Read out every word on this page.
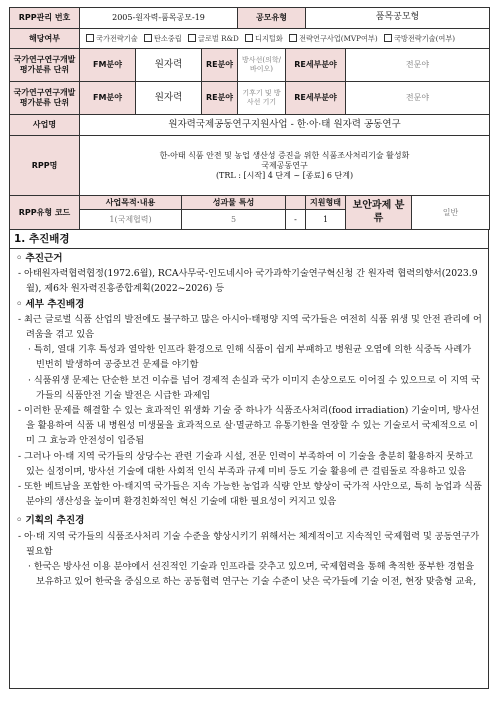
RPP관리 번호	2005-원자력-품목공모-19				공모유형		품목공모형		
해당여부	국가전략기술 탄소중립 글로벌 R&D 디지털화 전략연구사업(MVP여부) 국방전략기술(여부)								
국가연구연구개발 평가분류 단위	FM분야	원자력		RE분야	방사선(의학/바이오)	RE세부분야		전문야	
국가연구연구개발 평가분류 단위	FM분야	원자력		RE분야	기후기 및 방사선 기기	RE세부분야		전문야	
사업명	원자력국제공동연구지원사업 - 한·아·태 원자력 공동연구								
RPP명	한-아태 식품 안전 및 농업 생산성 증진을 위한 식품조사처리기술 활성화
국제공동연구
(TRL : [시작] 4 단계 ~ [종료] 6 단계)								

RPP유형 코드	사업목적·내용		성과물 특성				지원형태	보안과제 분류	일반
	1(국제협력)		5			-	1		
1. 추진배경

◦ 추진근거

- 아태원자력협력협정(1972.6월), RCA사무국-인도네시아 국가과학기술연구혁신청 간 원자력 협력의향서(2023.9월), 제6차 원자력진흥종합계획(2022~2026) 등

◦ 세부 추진배경

- 최근 글로벌 식품 산업의 발전에도 불구하고 많은 아시아·태평양 지역 국가들은 여전히 식품 위생 및 안전 관리에 어려움을 겪고 있음

· 특히, 열대 기후 특성과 열악한 인프라 환경으로 인해 식품이 쉽게 부패하고 병원균 오염에 의한 식중독 사례가 빈번히 발생하여 공중보건 문제를 야기함

· 식품위생 문제는 단순한 보건 이슈를 넘어 경제적 손실과 국가 이미지 손상으로도 이어질 수 있으므로 이 지역 국가들의 식품안전 기술 발전은 시급한 과제임

- 이러한 문제를 해결할 수 있는 효과적인 위생화 기술 중 하나가 식품조사처리(food irradiation) 기술이며, 방사선을 활용하여 식품 내 병원성 미생물을 효과적으로 살·멸균하고 유통기한을 연장할 수 있는 기술로서 국제적으로 이미 그 효능과 안전성이 입증됨

- 그러나 아·태 지역 국가들의 상당수는 관련 기술과 시설, 전문 인력이 부족하여 이 기술을 충분히 활용하지 못하고 있는 실정이며, 방사선 기술에 대한 사회적 인식 부족과 규제 미비 등도 기술 활용에 큰 걸림돌로 작용하고 있음

- 또한 베트남을 포함한 아·태지역 국가들은 지속 가능한 농업과 식량 안보 향상이 국가적 사안으로, 특히 농업과 식품 분야의 생산성을 높이며 환경친화적인 혁신 기술에 대한 필요성이 커지고 있음

◦ 기획의 추진경

- 아·태 지역 국가들의 식품조사처리 기술 수준을 향상시키기 위해서는 체계적이고 지속적인 국제협력 및 공동연구가 필요함

· 한국은 방사선 이용 분야에서 선진적인 기술과 인프라를 갖추고 있으며, 국제협력을 통해 축적한 풍부한 경험을 보유하고 있어 한국을 중심으로 하는 공동협력 연구는 기술 수준이 낮은 국가들에 기술 이전, 현장 맞춤형 교육,
